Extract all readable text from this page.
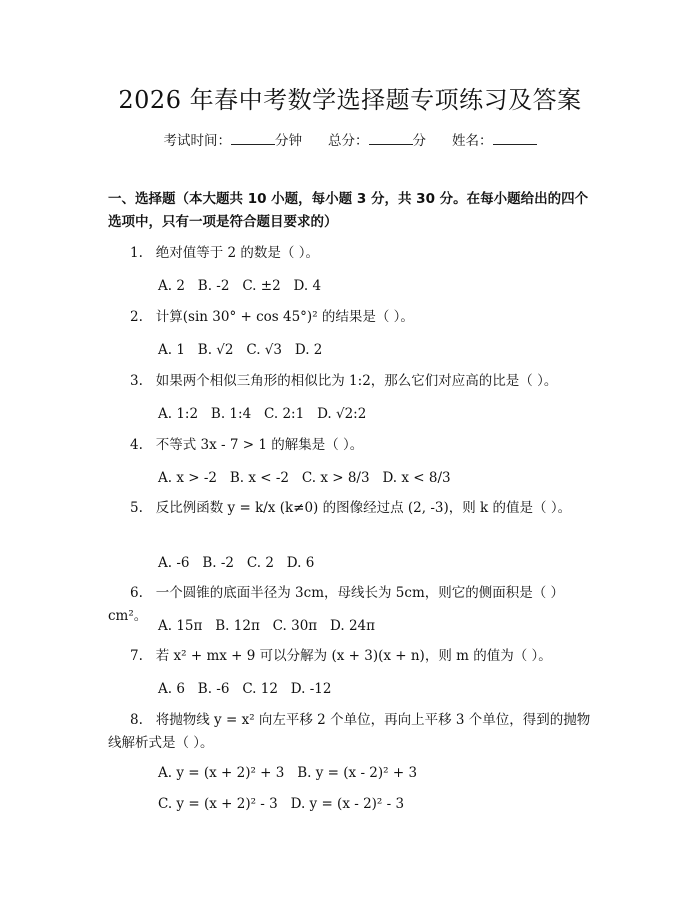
2026 年春中考数学选择题专项练习及答案
考试时间：	分钟 总分：	分 姓名：
一、选择题（本大题共 10 小题，每小题 3 分，共 30 分。在每小题给出的四个选项中，只有一项是符合题目要求的）
1. 绝对值等于 2 的数是（ ）。
A. 2   B. -2   C. ±2   D. 4
2. 计算(sin 30° + cos 45°)² 的结果是（ ）。
A. 1   B. √2   C. √3   D. 2
3. 如果两个相似三角形的相似比为 1:2，那么它们对应高的比是（ ）。
A. 1:2   B. 1:4   C. 2:1   D. √2:2
4. 不等式 3x - 7 > 1 的解集是（ ）。
A. x > -2   B. x < -2   C. x > 8/3   D. x < 8/3
5. 反比例函数 y = k/x (k≠0) 的图像经过点 (2, -3)，则 k 的值是（ ）。
A. -6   B. -2   C. 2   D. 6
6. 一个圆锥的底面半径为 3cm，母线长为 5cm，则它的侧面积是（ ）cm²。
A. 15π   B. 12π   C. 30π   D. 24π
7. 若 x² + mx + 9 可以分解为 (x + 3)(x + n)，则 m 的值为（ ）。
A. 6   B. -6   C. 12   D. -12
8. 将抛物线 y = x² 向左平移 2 个单位，再向上平移 3 个单位，得到的抛物线解析式是（ ）。
A. y = (x + 2)² + 3   B. y = (x - 2)² + 3
C. y = (x + 2)² - 3   D. y = (x - 2)² - 3
